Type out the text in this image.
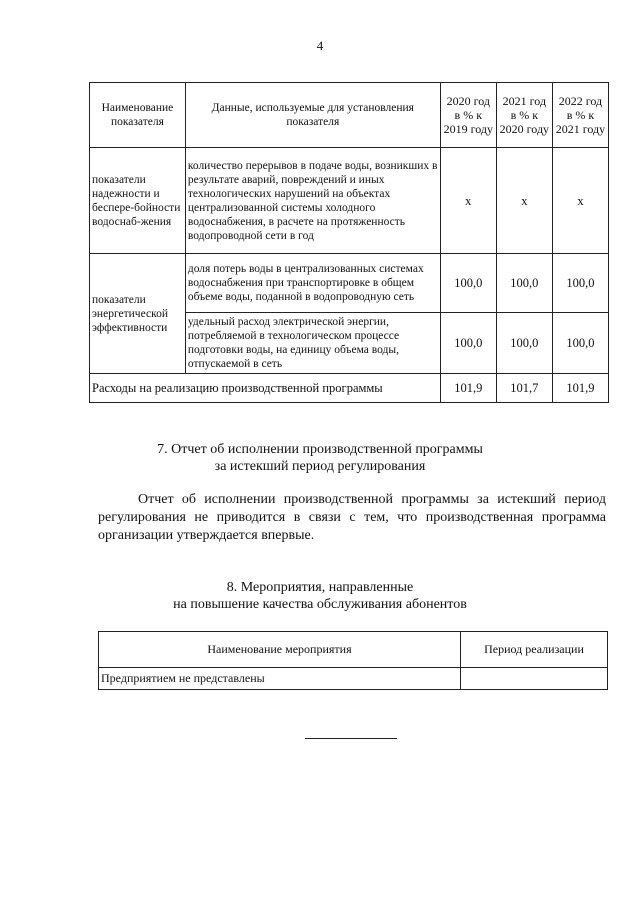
4
Наименование показателя	Данные, используемые для установления показателя	2020 год в % к 2019 году	2021 год в % к 2020 году	2022 год в % к 2021 году
показатели надежности и беспере-бойности водоснаб-жения	количество перерывов в подаче воды, возникших в результате аварий, повреждений и иных технологических нарушений на объектах централизованной системы холодного водоснабжения, в расчете на протяженность водопроводной сети в год	x	x	x
показатели энергетической эффективности	доля потерь воды в централизованных системах водоснабжения при транспортировке в общем объеме воды, поданной в водопроводную сеть	100,0	100,0	100,0
	удельный расход электрической энергии, потребляемой в технологическом процессе подготовки воды, на единицу объема воды, отпускаемой в сеть	100,0	100,0	100,0
Расходы на реализацию производственной программы		101,9	101,7	101,9
7. Отчет об исполнении производственной программы
за истекший период регулирования
Отчет об исполнении производственной программы за истекший период регулирования не приводится в связи с тем, что производственная программа организации утверждается впервые.
8. Мероприятия, направленные
на повышение качества обслуживания абонентов
Наименование мероприятия	Период реализации
Предприятием не представлены	
